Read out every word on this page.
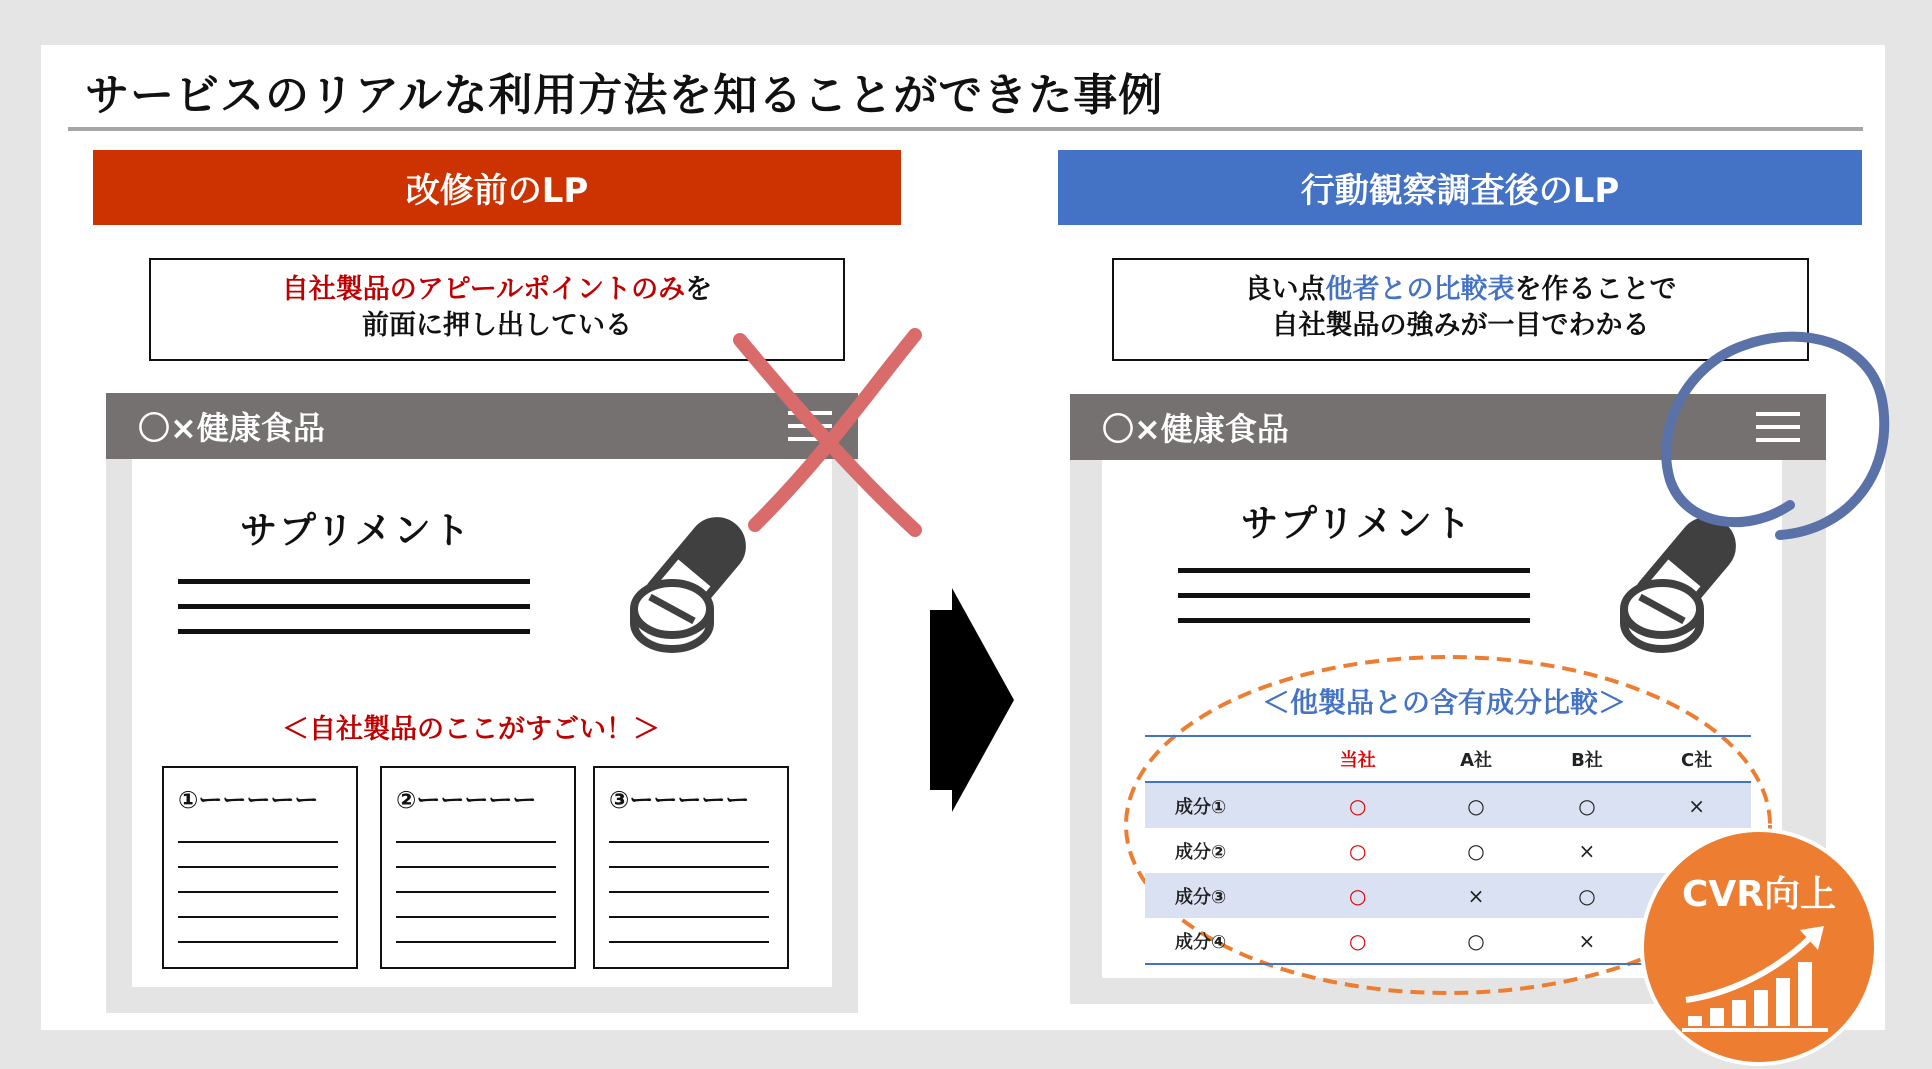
サービスのリアルな利用方法を知ることができた事例
改修前のLP
自社製品のアピールポイントのみを
前面に押し出している
〇×健康食品
サプリメント
＜自社製品のここがすごい！＞
①ーーーーー	②ーーーーー	③ーーーーー
行動観察調査後のLP
良い点他者との比較表を作ることで
自社製品の強みが一目でわかる
〇×健康食品
サプリメント
＜他製品との含有成分比較＞
	当社	A社	B社	C社
成分①	○	○	○	×
成分②	○	○	×	
成分③	○	×	○	
成分④	○	○	×	
CVR向上
